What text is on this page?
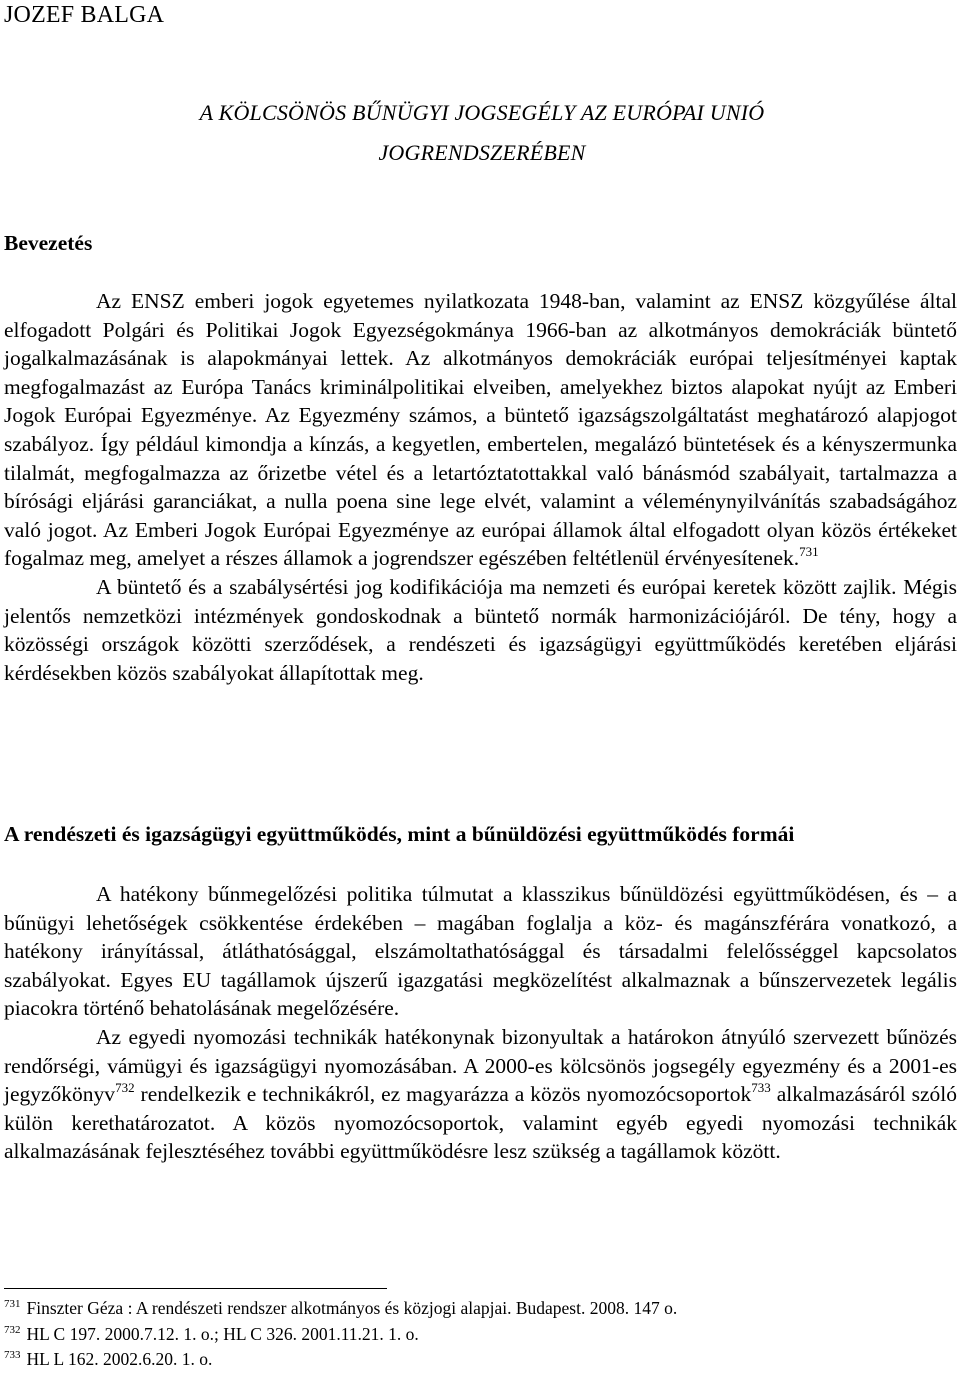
JOZEF BALGA
A KÖLCSÖNÖS BŰNÜGYI JOGSEGÉLY AZ EURÓPAI UNIÓ
JOGRENDSZERÉBEN
Bevezetés

Az ENSZ emberi jogok egyetemes nyilatkozata 1948-ban, valamint az ENSZ közgyűlése által elfogadott Polgári és Politikai Jogok Egyezségokmánya 1966-ban az alkotmányos demokráciák büntető jogalkalmazásának is alapokmányai lettek. Az alkotmányos demokráciák európai teljesítményei kaptak megfogalmazást az Európa Tanács kriminálpolitikai elveiben, amelyekhez biztos alapokat nyújt az Emberi Jogok Európai Egyezménye. Az Egyezmény számos, a büntető igazságszolgáltatást meghatározó alapjogot szabályoz. Így például kimondja a kínzás, a kegyetlen, embertelen, megalázó büntetések és a kényszermunka tilalmát, megfogalmazza az őrizetbe vétel és a letartóztatottakkal való bánásmód szabályait, tartalmazza a bírósági eljárási garanciákat, a nulla poena sine lege elvét, valamint a véleménynyilvánítás szabadságához való jogot. Az Emberi Jogok Európai Egyezménye az európai államok által elfogadott olyan közös értékeket fogalmaz meg, amelyet a részes államok a jogrendszer egészében feltétlenül érvényesítenek.$^{731}$

A büntető és a szabálysértési jog kodifikációja ma nemzeti és európai keretek között zajlik. Mégis jelentős nemzetközi intézmények gondoskodnak a büntető normák harmonizációjáról. De tény, hogy a közösségi országok közötti szerződések, a rendészeti és igazságügyi együttműködés keretében eljárási kérdésekben közös szabályokat állapítottak meg.

A rendészeti és igazságügyi együttműködés, mint a bűnüldözési együttműködés formái

A hatékony bűnmegelőzési politika túlmutat a klasszikus bűnüldözési együttműködésen, és – a bűnügyi lehetőségek csökkentése érdekében – magában foglalja a köz- és magánszférára vonatkozó, a hatékony irányítással, átláthatósággal, elszámoltathatósággal és társadalmi felelősséggel kapcsolatos szabályokat. Egyes EU tagállamok újszerű igazgatási megközelítést alkalmaznak a bűnszervezetek legális piacokra történő behatolásának megelőzésére.

Az egyedi nyomozási technikák hatékonynak bizonyultak a határokon átnyúló szervezett bűnözés rendőrségi, vámügyi és igazságügyi nyomozásában. A 2000-es kölcsönös jogsegély egyezmény és a 2001-es jegyzőkönyv$^{732}$ rendelkezik e technikákról, ez magyarázza a közös nyomozócsoportok$^{733}$ alkalmazásáról szóló külön kerethatározatot. A közös nyomozócsoportok, valamint egyéb egyedi nyomozási technikák alkalmazásának fejlesztéséhez további együttműködésre lesz szükség a tagállamok között.

$^{731}$ Finszter Géza : A rendészeti rendszer alkotmányos és közjogi alapjai. Budapest. 2008. 147 o.
$^{732}$ HL C 197. 2000.7.12. 1. o.; HL C 326. 2001.11.21. 1. o.
$^{733}$ HL L 162. 2002.6.20. 1. o.
